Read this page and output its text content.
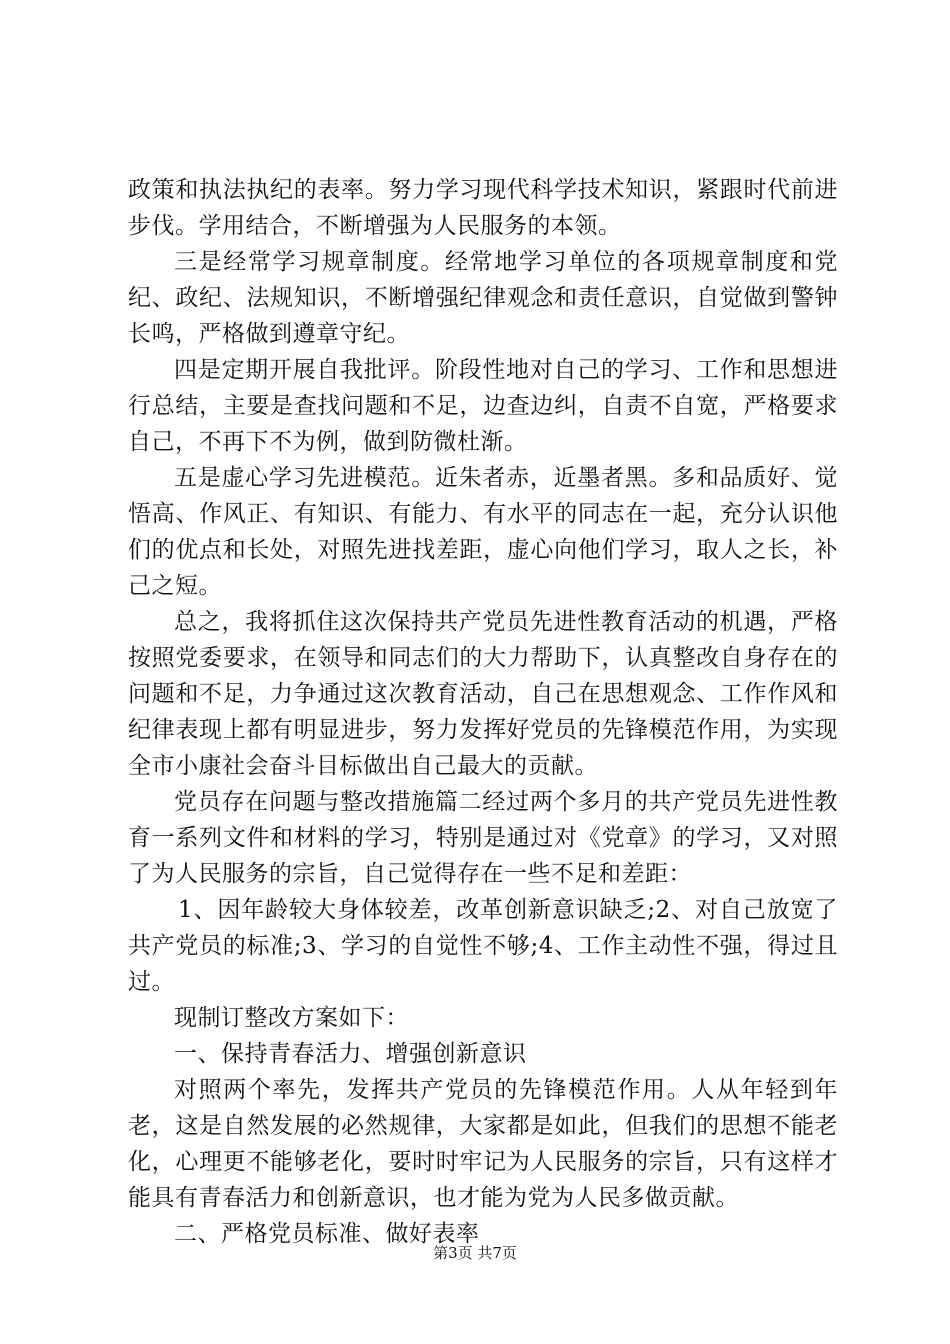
政策和执法执纪的表率。努力学习现代科学技术知识，紧跟时代前进步伐。学用结合，不断增强为人民服务的本领。

三是经常学习规章制度。经常地学习单位的各项规章制度和党纪、政纪、法规知识，不断增强纪律观念和责任意识，自觉做到警钟长鸣，严格做到遵章守纪。

四是定期开展自我批评。阶段性地对自己的学习、工作和思想进行总结，主要是查找问题和不足，边查边纠，自责不自宽，严格要求自己，不再下不为例，做到防微杜渐。

五是虚心学习先进模范。近朱者赤，近墨者黑。多和品质好、觉悟高、作风正、有知识、有能力、有水平的同志在一起，充分认识他们的优点和长处，对照先进找差距，虚心向他们学习，取人之长，补己之短。

总之，我将抓住这次保持共产党员先进性教育活动的机遇，严格按照党委要求，在领导和同志们的大力帮助下，认真整改自身存在的问题和不足，力争通过这次教育活动，自己在思想观念、工作作风和纪律表现上都有明显进步，努力发挥好党员的先锋模范作用，为实现全市小康社会奋斗目标做出自己最大的贡献。

党员存在问题与整改措施篇二经过两个多月的共产党员先进性教育一系列文件和材料的学习，特别是通过对《党章》的学习，又对照了为人民服务的宗旨，自己觉得存在一些不足和差距：

1、因年龄较大身体较差，改革创新意识缺乏;2、对自己放宽了共产党员的标准;3、学习的自觉性不够;4、工作主动性不强，得过且过。

现制订整改方案如下：

一、保持青春活力、增强创新意识

对照两个率先，发挥共产党员的先锋模范作用。人从年轻到年老，这是自然发展的必然规律，大家都是如此，但我们的思想不能老化，心理更不能够老化，要时时牢记为人民服务的宗旨，只有这样才能具有青春活力和创新意识，也才能为党为人民多做贡献。

二、严格党员标准、做好表率

第3页 共7页
